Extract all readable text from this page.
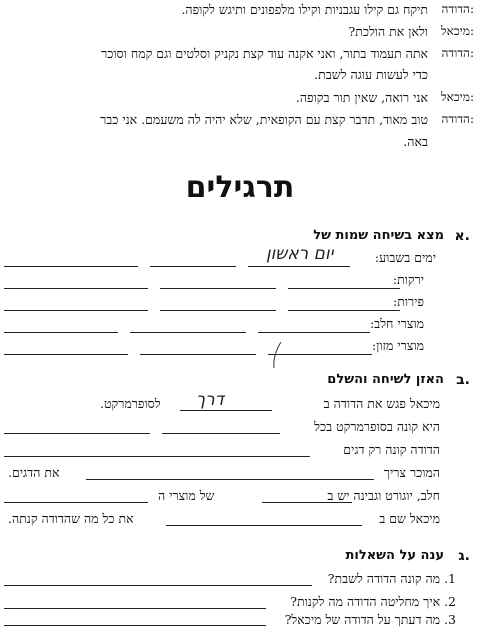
הדודה:
תיקח גם קילו עגבניות וקילו מלפפונים ותיגש לקופה.
מיכאל:
ולאן את הולכת?
הדודה:
אתה תעמוד בתור, ואני אקנה עוד קצת נקניק וסלטים וגם קמח וסוכר
כדי לעשות עוגה לשבת.
מיכאל:
אני רואה, שאין תור בקופה.
הדודה:
טוב מאוד, תדבר קצת עם הקופאית, שלא יהיה לה משעמם. אני כבר
באה.
תרגילים
א.
מצא בשיחה שמות של
ימים בשבוע:
יום ראשון
ירקות:
פירות:
מוצרי חלב:
מוצרי מזון:
ב.
האזן לשיחה והשלם
מיכאל פגש את הדודה ב
דרך
לסופרמרקט.
היא קונה בסופרמרקט בכל
הדודה קונה רק דגים
המוכר צריך
את הדגים.
חלב, יוגורט וגבינה יש ב
של מוצרי ה
מיכאל שם ב
את כל מה שהדודה קנתה.
ג.
ענה על השאלות
1. מה קונה הדודה לשבת?
2. איך מחליטה הדודה מה לקנות?
3. מה דעתך על הדודה של מיכאל?
